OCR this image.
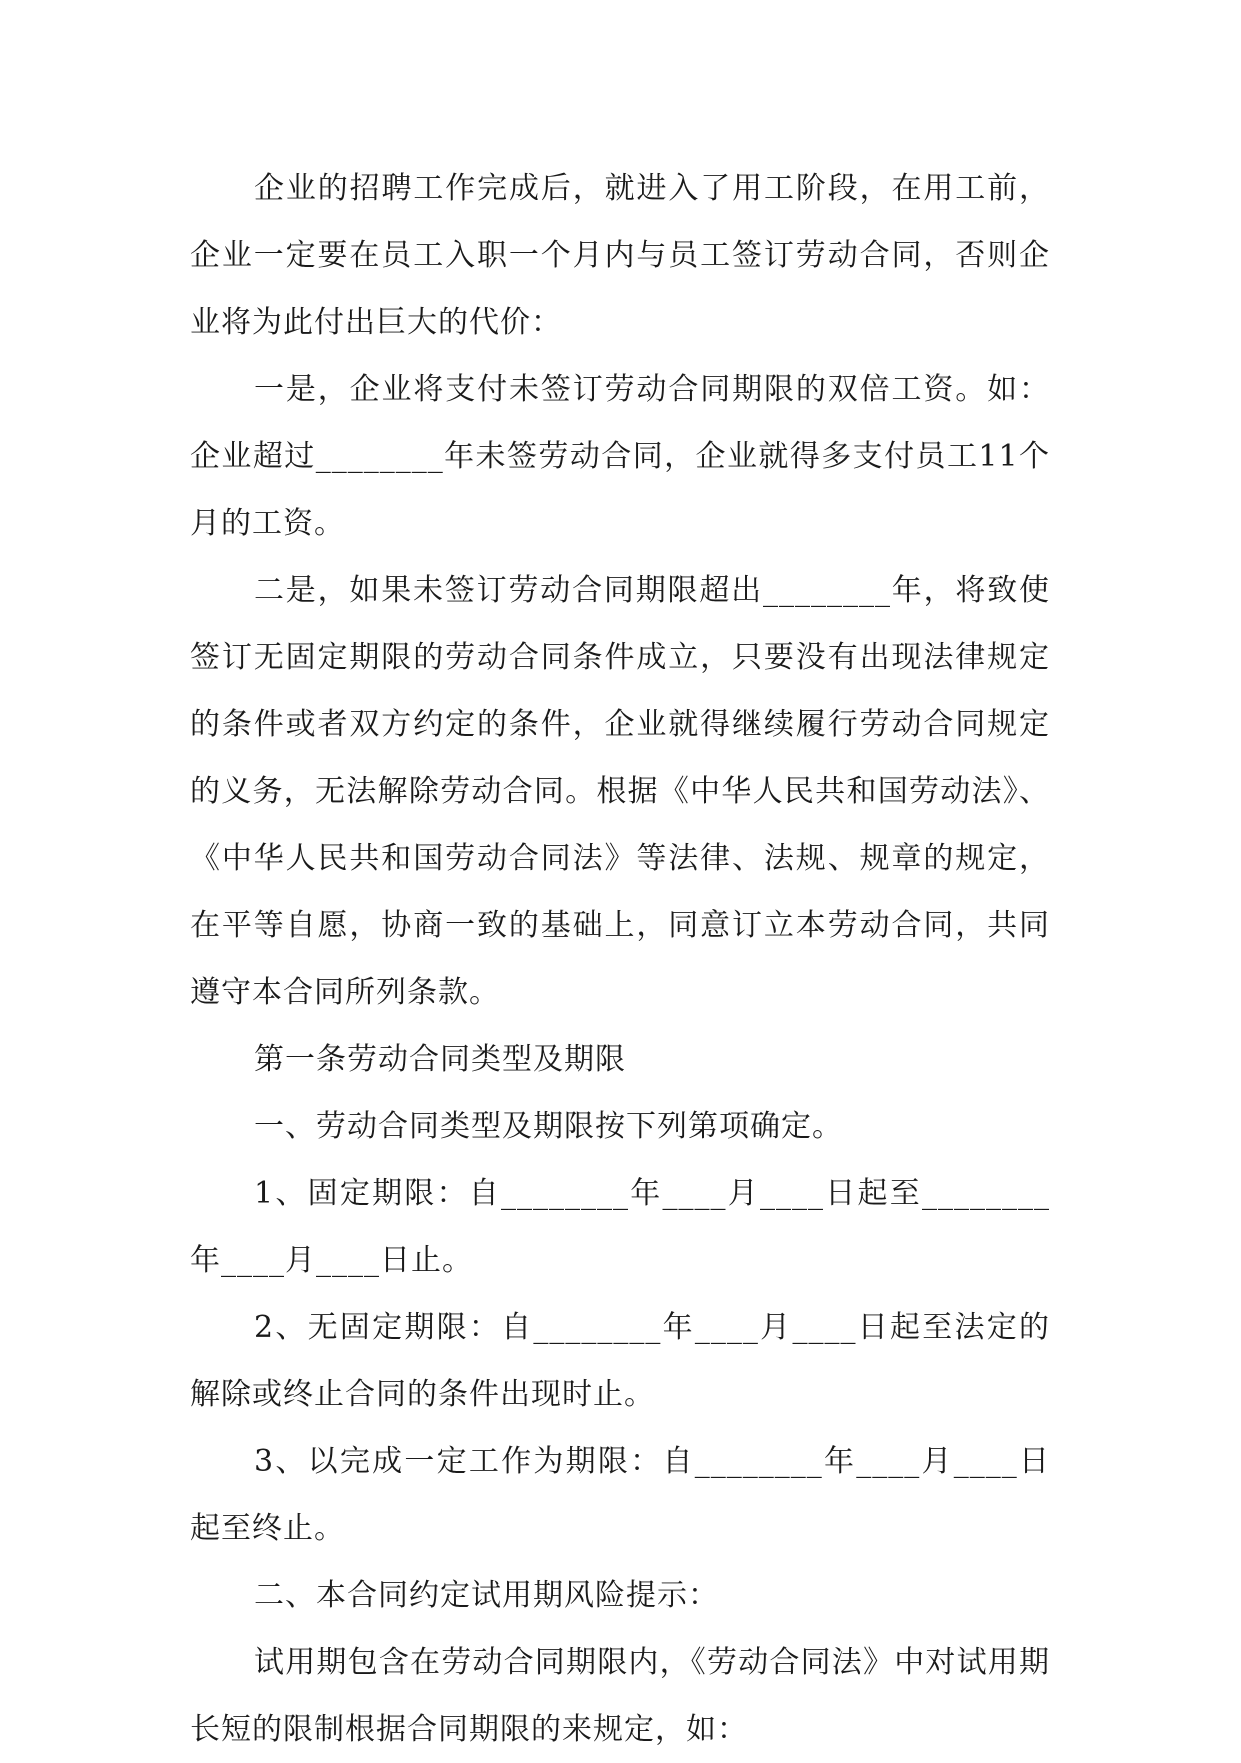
企业的招聘工作完成后，就进入了用工阶段，在用工前，企业一定要在员工入职一个月内与员工签订劳动合同，否则企业将为此付出巨大的代价：

一是，企业将支付未签订劳动合同期限的双倍工资。如：企业超过________年未签劳动合同，企业就得多支付员工11个月的工资。

二是，如果未签订劳动合同期限超出________年，将致使签订无固定期限的劳动合同条件成立，只要没有出现法律规定的条件或者双方约定的条件，企业就得继续履行劳动合同规定的义务，无法解除劳动合同。根据《中华人民共和国劳动法》、《中华人民共和国劳动合同法》等法律、法规、规章的规定，在平等自愿，协商一致的基础上，同意订立本劳动合同，共同遵守本合同所列条款。

第一条劳动合同类型及期限

一、劳动合同类型及期限按下列第项确定。

1、固定期限：自________年____月____日起至________年____月____日止。

2、无固定期限：自________年____月____日起至法定的解除或终止合同的条件出现时止。

3、以完成一定工作为期限：自________年____月____日起至终止。

二、本合同约定试用期风险提示：

试用期包含在劳动合同期限内，《劳动合同法》中对试用期长短的限制根据合同期限的来规定，如：
